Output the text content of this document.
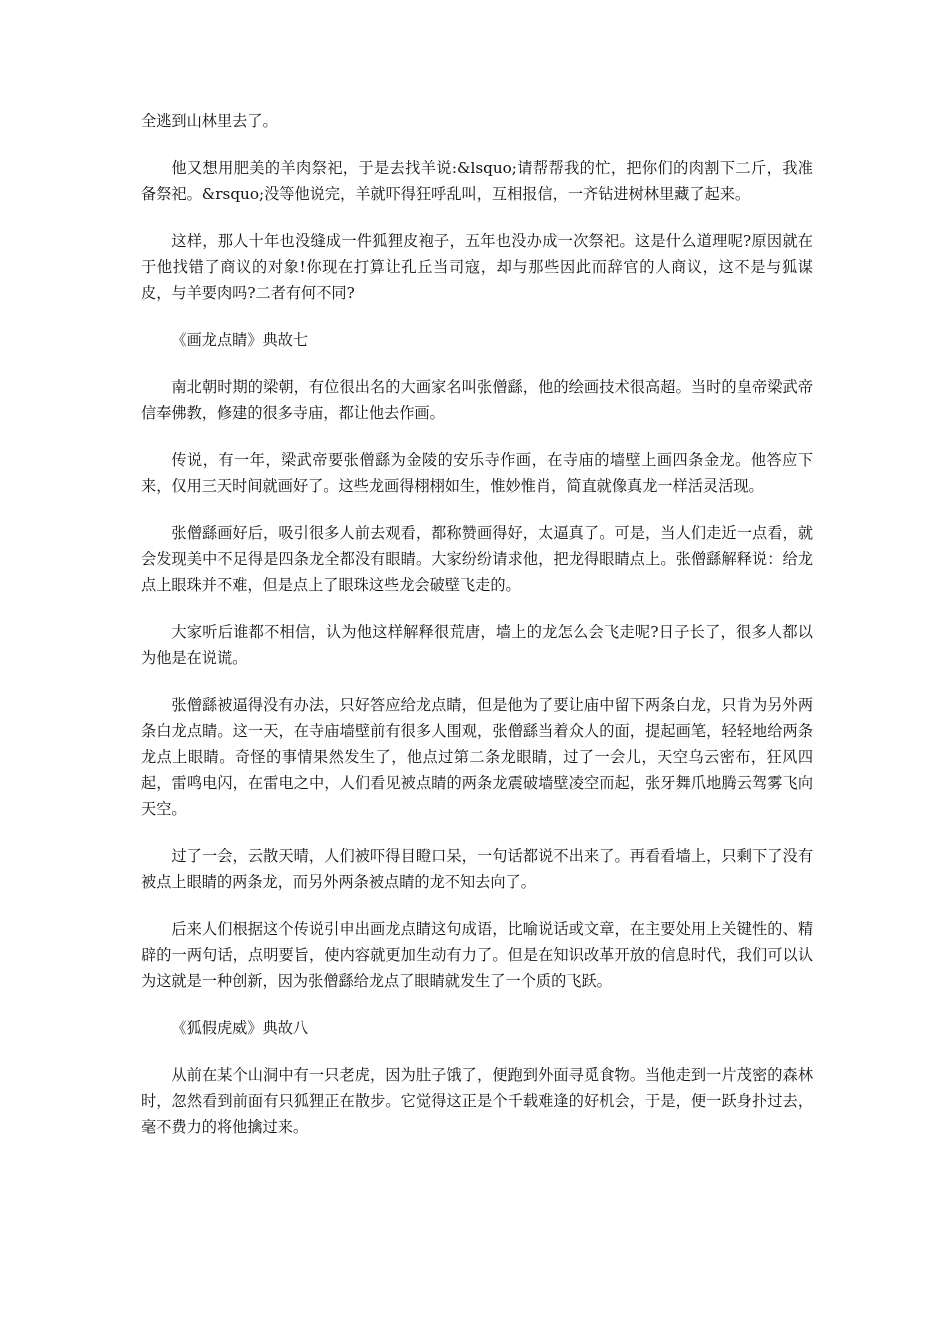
全逃到山林里去了。

他又想用肥美的羊肉祭祀，于是去找羊说:&lsquo;请帮帮我的忙，把你们的肉割下二斤，我准备祭祀。&rsquo;没等他说完，羊就吓得狂呼乱叫，互相报信，一齐钻进树林里藏了起来。

这样，那人十年也没缝成一件狐狸皮袍子，五年也没办成一次祭祀。这是什么道理呢?原因就在于他找错了商议的对象!你现在打算让孔丘当司寇，却与那些因此而辞官的人商议，这不是与狐谋皮，与羊要肉吗?二者有何不同?

《画龙点睛》典故七

南北朝时期的梁朝，有位很出名的大画家名叫张僧繇，他的绘画技术很高超。当时的皇帝梁武帝信奉佛教，修建的很多寺庙，都让他去作画。

传说，有一年，梁武帝要张僧繇为金陵的安乐寺作画，在寺庙的墙壁上画四条金龙。他答应下来，仅用三天时间就画好了。这些龙画得栩栩如生，惟妙惟肖，简直就像真龙一样活灵活现。

张僧繇画好后，吸引很多人前去观看，都称赞画得好，太逼真了。可是，当人们走近一点看，就会发现美中不足得是四条龙全都没有眼睛。大家纷纷请求他，把龙得眼睛点上。张僧繇解释说：给龙点上眼珠并不难，但是点上了眼珠这些龙会破壁飞走的。

大家听后谁都不相信，认为他这样解释很荒唐，墙上的龙怎么会飞走呢?日子长了，很多人都以为他是在说谎。

张僧繇被逼得没有办法，只好答应给龙点睛，但是他为了要让庙中留下两条白龙，只肯为另外两条白龙点睛。这一天，在寺庙墙壁前有很多人围观，张僧繇当着众人的面，提起画笔，轻轻地给两条龙点上眼睛。奇怪的事情果然发生了，他点过第二条龙眼睛，过了一会儿，天空乌云密布，狂风四起，雷鸣电闪，在雷电之中，人们看见被点睛的两条龙震破墙壁凌空而起，张牙舞爪地腾云驾雾飞向天空。

过了一会，云散天晴，人们被吓得目瞪口呆，一句话都说不出来了。再看看墙上，只剩下了没有被点上眼睛的两条龙，而另外两条被点睛的龙不知去向了。

后来人们根据这个传说引申出画龙点睛这句成语，比喻说话或文章，在主要处用上关键性的、精辟的一两句话，点明要旨，使内容就更加生动有力了。但是在知识改革开放的信息时代，我们可以认为这就是一种创新，因为张僧繇给龙点了眼睛就发生了一个质的飞跃。

《狐假虎威》典故八

从前在某个山洞中有一只老虎，因为肚子饿了，便跑到外面寻觅食物。当他走到一片茂密的森林时，忽然看到前面有只狐狸正在散步。它觉得这正是个千载难逢的好机会，于是，便一跃身扑过去，毫不费力的将他擒过来。
